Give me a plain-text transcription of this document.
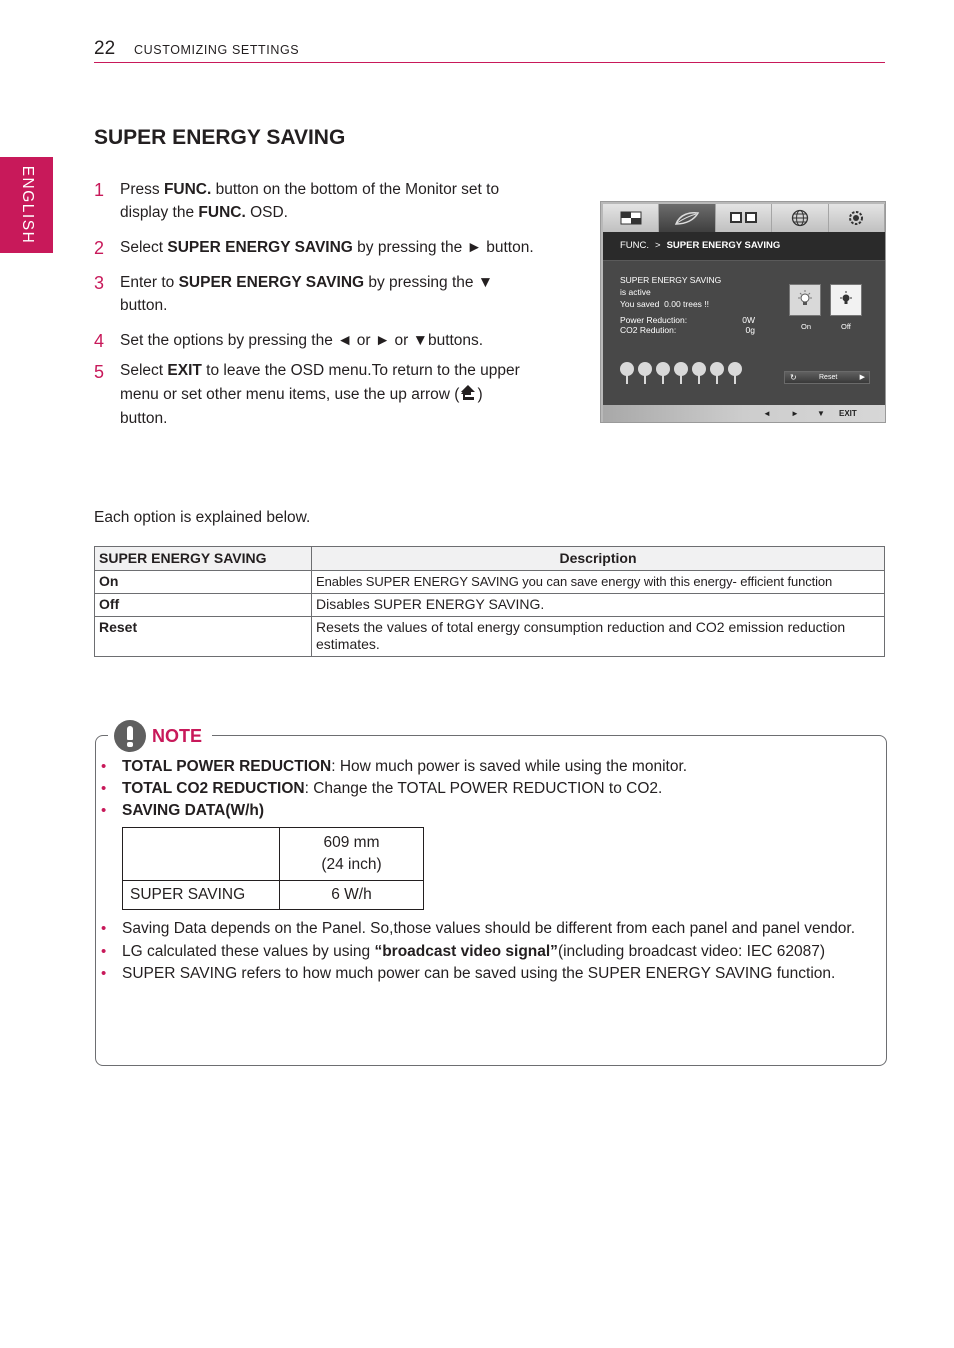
22 CUSTOMIZING SETTINGS
ENGLISH
SUPER ENERGY SAVING
1 Press FUNC. button on the bottom of the Monitor set to display the FUNC. OSD.
2 Select SUPER ENERGY SAVING by pressing the ► button.
3 Enter to SUPER ENERGY SAVING by pressing the ▼ button.
4 Set the options by pressing the ◄ or ► or ▼buttons.
5 Select EXIT to leave the OSD menu.To return to the upper menu or set other menu items, use the up arrow ( ) button.
FUNC. > SUPER ENERGY SAVING
SUPER ENERGY SAVING
is active
You saved 0.00 trees !!
Power Reduction:
CO2 Redution:
0W
0g	On	Off
↻	Reset	▶
◄	► ▼ EXIT
Each option is explained below.
SUPER ENERGY SAVING	Description
On	Enables SUPER ENERGY SAVING you can save energy with this energy- efficient function
Off	Disables SUPER ENERGY SAVING.
Reset	Resets the values of total energy consumption reduction and CO2 emission reduction estimates.
NOTE
• TOTAL POWER REDUCTION: How much power is saved while using the monitor.
• TOTAL CO2 REDUCTION: Change the TOTAL POWER REDUCTION to CO2.
• SAVING DATA(W/h)

	609 mm
(24 inch)

SUPER SAVING	6 W/h
• Saving Data depends on the Panel. So,those values should be different from each panel and panel vendor.
• LG calculated these values by using “broadcast video signal”(including broadcast video: IEC 62087)
• SUPER SAVING refers to how much power can be saved using the SUPER ENERGY SAVING function.
